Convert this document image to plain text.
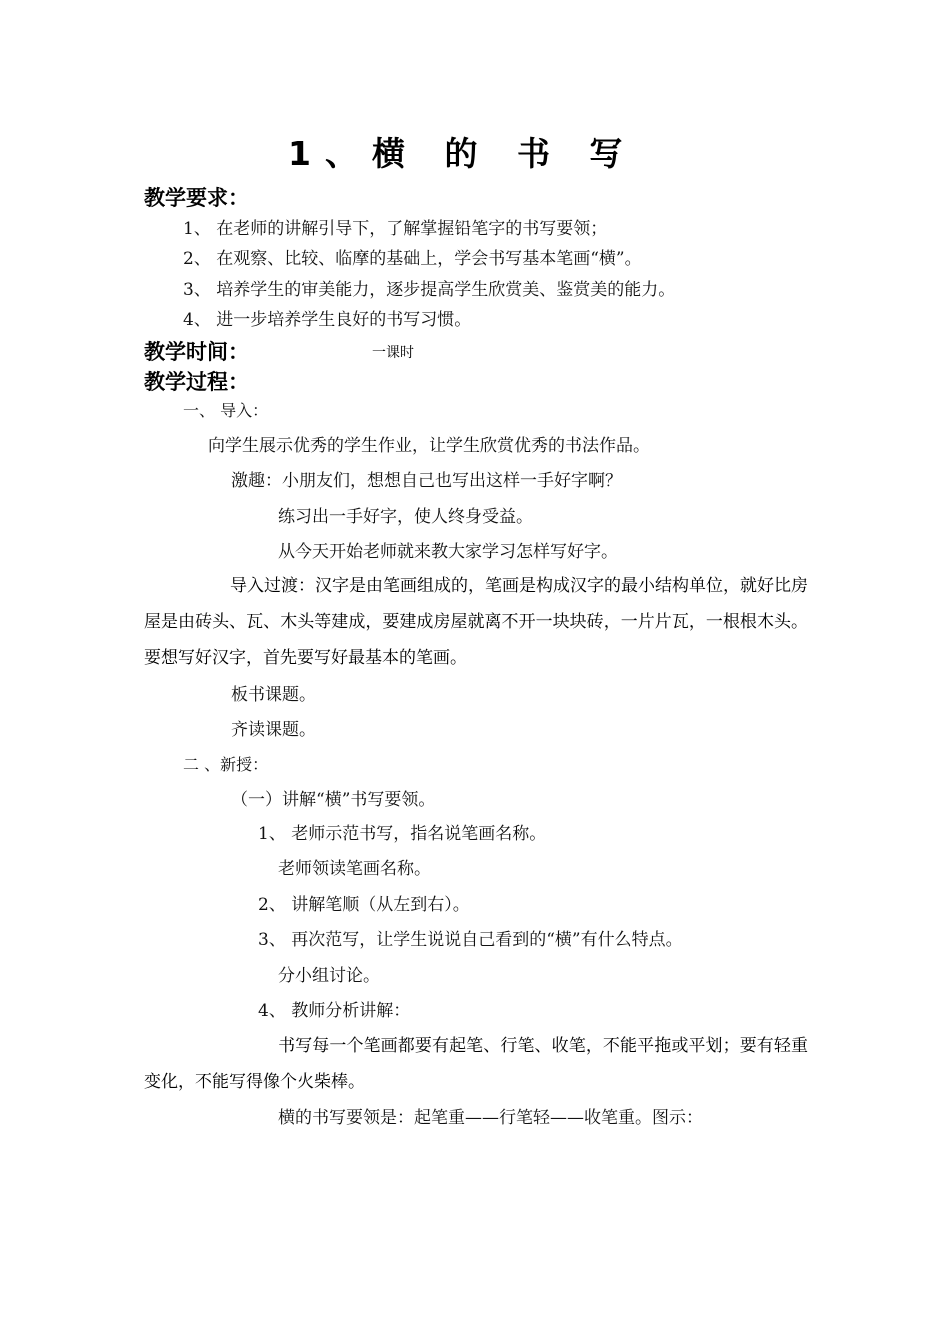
1、横 的 书 写
教学要求：
1、 在老师的讲解引导下，了解掌握铅笔字的书写要领；
2、 在观察、比较、临摩的基础上，学会书写基本笔画“横”。
3、 培养学生的审美能力，逐步提高学生欣赏美、鉴赏美的能力。
4、 进一步培养学生良好的书写习惯。
教学时间：	一课时
教学过程：
一、 导入：
向学生展示优秀的学生作业，让学生欣赏优秀的书法作品。
激趣：小朋友们，想想自己也写出这样一手好字啊？
练习出一手好字，使人终身受益。
从今天开始老师就来教大家学习怎样写好字。
导入过渡：汉字是由笔画组成的，笔画是构成汉字的最小结构单位，就好比房屋是由砖头、瓦、木头等建成，要建成房屋就离不开一块块砖，一片片瓦，一根根木头。要想写好汉字，首先要写好最基本的笔画。
板书课题。
齐读课题。
二 、新授：
（一）讲解“横”书写要领。
1、 老师示范书写，指名说笔画名称。
老师领读笔画名称。
2、 讲解笔顺（从左到右）。
3、 再次范写，让学生说说自己看到的“横”有什么特点。
分小组讨论。
4、 教师分析讲解：
书写每一个笔画都要有起笔、行笔、收笔，不能平拖或平划；要有轻重变化，不能写得像个火柴棒。
横的书写要领是：起笔重——行笔轻——收笔重。图示：
